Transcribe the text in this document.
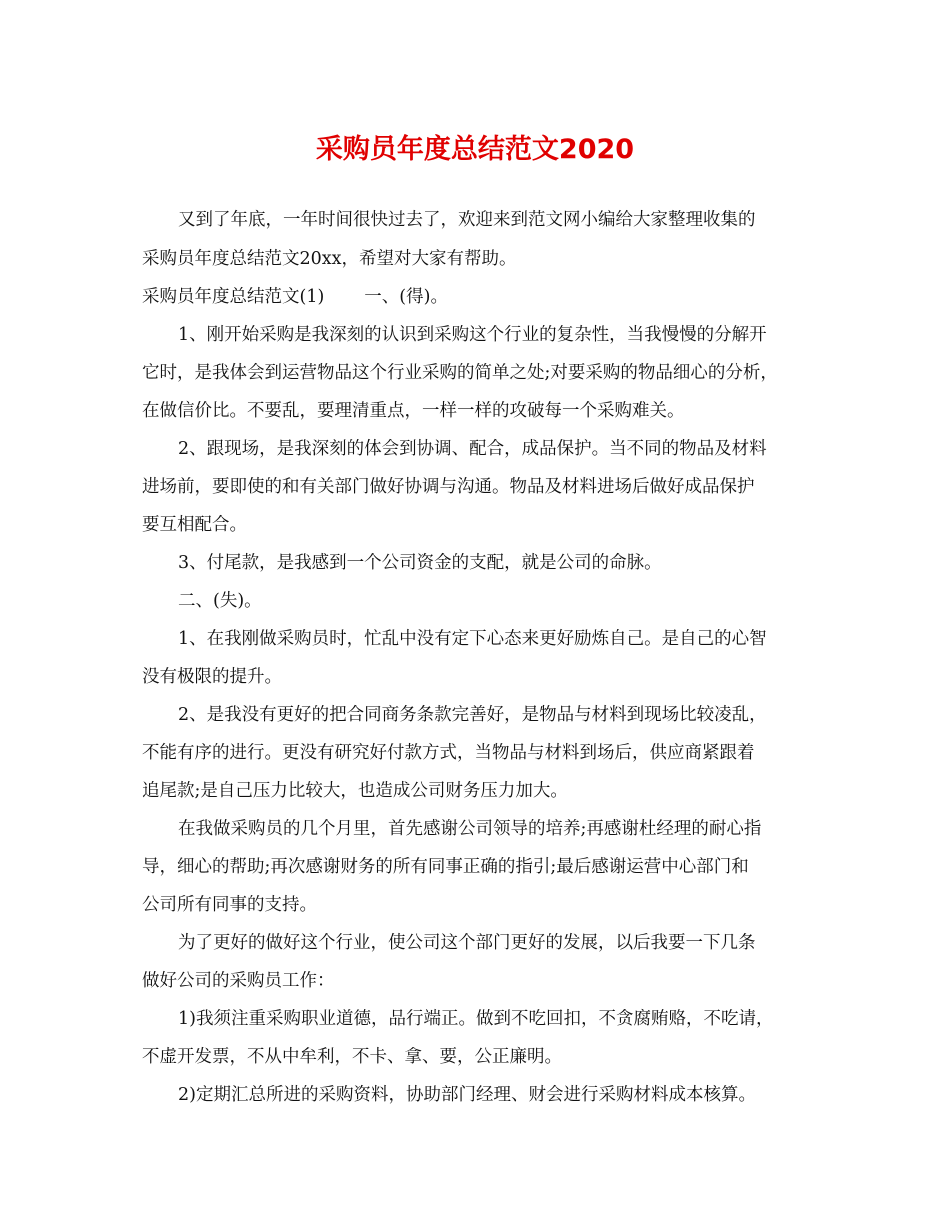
采购员年度总结范文2020

又到了年底，一年时间很快过去了，欢迎来到范文网小编给大家整理收集的

采购员年度总结范文20xx，希望对大家有帮助。

采购员年度总结范文(1) 一、(得)。

1、刚开始采购是我深刻的认识到采购这个行业的复杂性，当我慢慢的分解开

它时，是我体会到运营物品这个行业采购的简单之处;对要采购的物品细心的分析，

在做信价比。不要乱，要理清重点，一样一样的攻破每一个采购难关。

2、跟现场，是我深刻的体会到协调、配合，成品保护。当不同的物品及材料

进场前，要即使的和有关部门做好协调与沟通。物品及材料进场后做好成品保护

要互相配合。

3、付尾款，是我感到一个公司资金的支配，就是公司的命脉。

二、(失)。

1、在我刚做采购员时，忙乱中没有定下心态来更好励炼自己。是自己的心智

没有极限的提升。

2、是我没有更好的把合同商务条款完善好，是物品与材料到现场比较凌乱，

不能有序的进行。更没有研究好付款方式，当物品与材料到场后，供应商紧跟着

追尾款;是自己压力比较大，也造成公司财务压力加大。

在我做采购员的几个月里，首先感谢公司领导的培养;再感谢杜经理的耐心指

导，细心的帮助;再次感谢财务的所有同事正确的指引;最后感谢运营中心部门和

公司所有同事的支持。

为了更好的做好这个行业，使公司这个部门更好的发展，以后我要一下几条

做好公司的采购员工作：

1)我须注重采购职业道德，品行端正。做到不吃回扣，不贪腐贿赂，不吃请，

不虚开发票，不从中牟利，不卡、拿、要，公正廉明。

2)定期汇总所进的采购资料，协助部门经理、财会进行采购材料成本核算。
